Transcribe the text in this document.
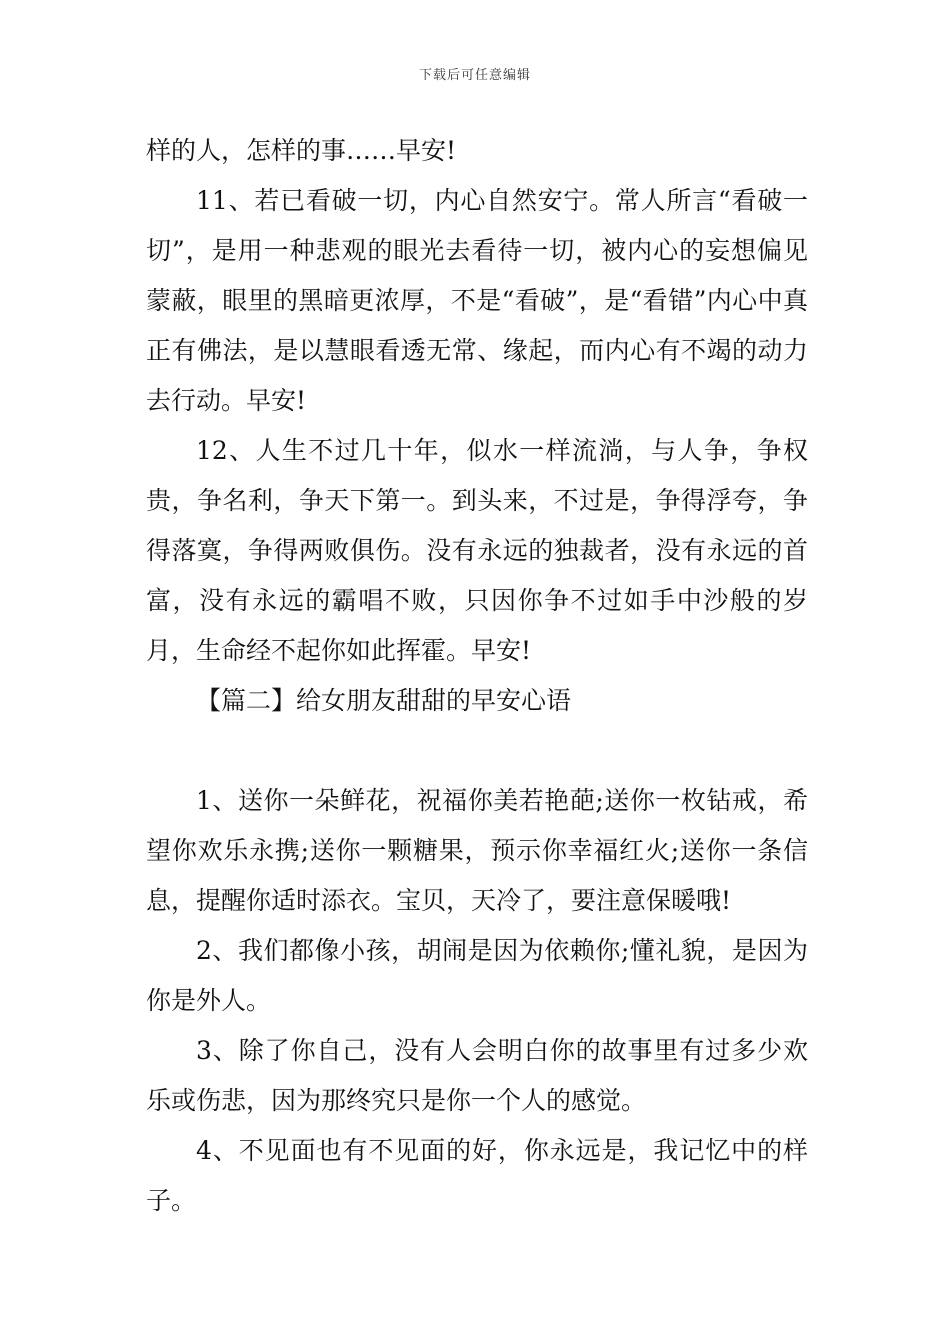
下载后可任意编辑

样的人，怎样的事……早安!

11、若已看破一切，内心自然安宁。常人所言“看破一切”，是用一种悲观的眼光去看待一切，被内心的妄想偏见蒙蔽，眼里的黑暗更浓厚，不是“看破”，是“看错”内心中真正有佛法，是以慧眼看透无常、缘起，而内心有不竭的动力去行动。早安!

12、人生不过几十年，似水一样流淌，与人争，争权贵，争名利，争天下第一。到头来，不过是，争得浮夸，争得落寞，争得两败俱伤。没有永远的独裁者，没有永远的首富，没有永远的霸唱不败，只因你争不过如手中沙般的岁月，生命经不起你如此挥霍。早安!

【篇二】给女朋友甜甜的早安心语

1、送你一朵鲜花，祝福你美若艳葩;送你一枚钻戒，希望你欢乐永携;送你一颗糖果，预示你幸福红火;送你一条信息，提醒你适时添衣。宝贝，天冷了，要注意保暖哦!

2、我们都像小孩，胡闹是因为依赖你;懂礼貌，是因为你是外人。

3、除了你自己，没有人会明白你的故事里有过多少欢乐或伤悲，因为那终究只是你一个人的感觉。

4、不见面也有不见面的好，你永远是，我记忆中的样子。
